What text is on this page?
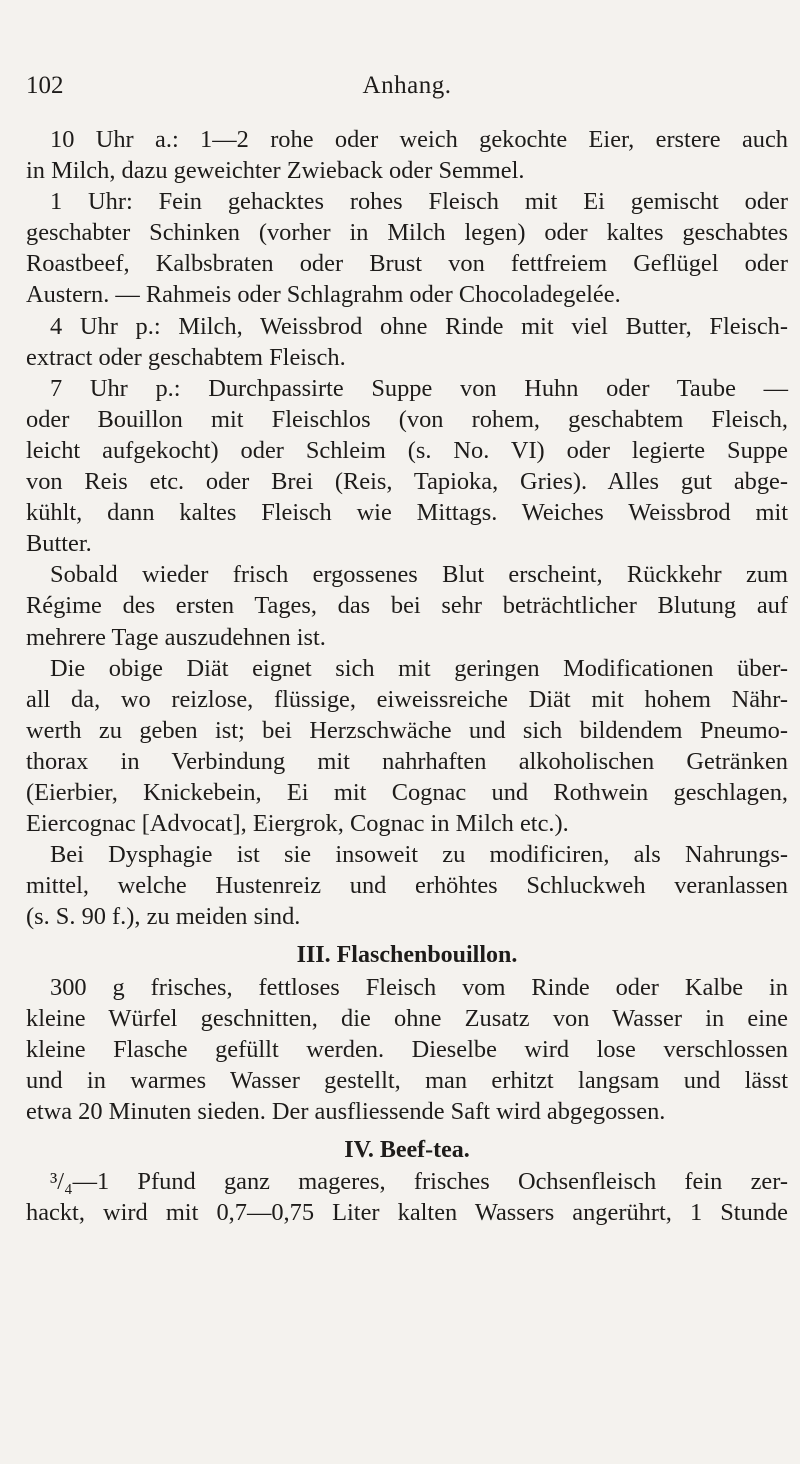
102	Anhang.
10 Uhr a.: 1—2 rohe oder weich gekochte Eier, erstere auch
in Milch, dazu geweichter Zwieback oder Semmel.
1 Uhr: Fein gehacktes rohes Fleisch mit Ei gemischt oder
geschabter Schinken (vorher in Milch legen) oder kaltes geschabtes
Roastbeef, Kalbsbraten oder Brust von fettfreiem Geflügel oder
Austern. — Rahmeis oder Schlagrahm oder Chocoladegelée.
4 Uhr p.: Milch, Weissbrod ohne Rinde mit viel Butter, Fleisch-
extract oder geschabtem Fleisch.
7 Uhr p.: Durchpassirte Suppe von Huhn oder Taube —
oder Bouillon mit Fleischlos (von rohem, geschabtem Fleisch,
leicht aufgekocht) oder Schleim (s. No. VI) oder legierte Suppe
von Reis etc. oder Brei (Reis, Tapioka, Gries). Alles gut abge-
kühlt, dann kaltes Fleisch wie Mittags. Weiches Weissbrod mit
Butter.
Sobald wieder frisch ergossenes Blut erscheint, Rückkehr zum
Régime des ersten Tages, das bei sehr beträchtlicher Blutung auf
mehrere Tage auszudehnen ist.
Die obige Diät eignet sich mit geringen Modificationen über-
all da, wo reizlose, flüssige, eiweissreiche Diät mit hohem Nähr-
werth zu geben ist; bei Herzschwäche und sich bildendem Pneumo-
thorax in Verbindung mit nahrhaften alkoholischen Getränken
(Eierbier, Knickebein, Ei mit Cognac und Rothwein geschlagen,
Eiercognac [Advocat], Eiergrok, Cognac in Milch etc.).
Bei Dysphagie ist sie insoweit zu modificiren, als Nahrungs-
mittel, welche Hustenreiz und erhöhtes Schluckweh veranlassen
(s. S. 90 f.), zu meiden sind.
III. Flaschenbouillon.
300 g frisches, fettloses Fleisch vom Rinde oder Kalbe in
kleine Würfel geschnitten, die ohne Zusatz von Wasser in eine
kleine Flasche gefüllt werden. Dieselbe wird lose verschlossen
und in warmes Wasser gestellt, man erhitzt langsam und lässt
etwa 20 Minuten sieden. Der ausfliessende Saft wird abgegossen.
IV. Beef-tea.
³/₄—1 Pfund ganz mageres, frisches Ochsenfleisch fein zer-
hackt, wird mit 0,7—0,75 Liter kalten Wassers angerührt, 1 Stunde
